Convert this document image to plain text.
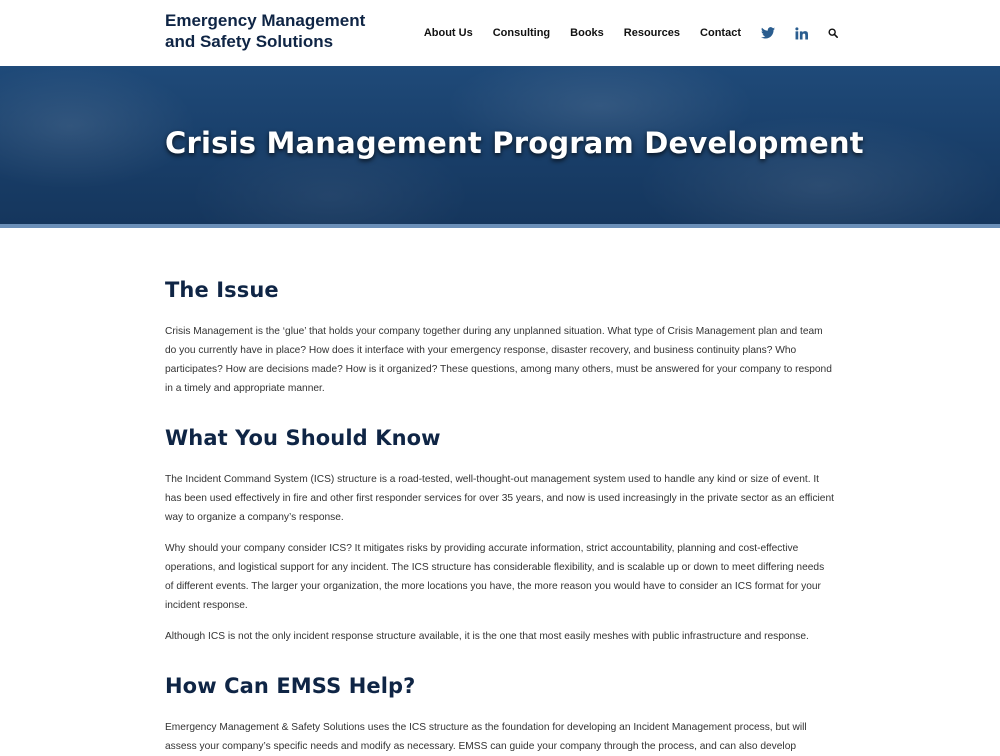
Emergency Management
and Safety Solutions	About Us Consulting Books Resources Contact
Crisis Management Program Development
The Issue

Crisis Management is the ‘glue’ that holds your company together during any unplanned situation. What type of Crisis Management plan and team do you currently have in place? How does it interface with your emergency response, disaster recovery, and business continuity plans? Who participates? How are decisions made? How is it organized? These questions, among many others, must be answered for your company to respond in a timely and appropriate manner.

What You Should Know

The Incident Command System (ICS) structure is a road-tested, well-thought-out management system used to handle any kind or size of event. It has been used effectively in fire and other first responder services for over 35 years, and now is used increasingly in the private sector as an efficient way to organize a company’s response.

Why should your company consider ICS? It mitigates risks by providing accurate information, strict accountability, planning and cost-effective operations, and logistical support for any incident. The ICS structure has considerable flexibility, and is scalable up or down to meet differing needs of different events. The larger your organization, the more locations you have, the more reason you would have to consider an ICS format for your incident response.

Although ICS is not the only incident response structure available, it is the one that most easily meshes with public infrastructure and response.

How Can EMSS Help?

Emergency Management & Safety Solutions uses the ICS structure as the foundation for developing an Incident Management process, but will assess your company’s specific needs and modify as necessary. EMSS can guide your company through the process, and can also develop
